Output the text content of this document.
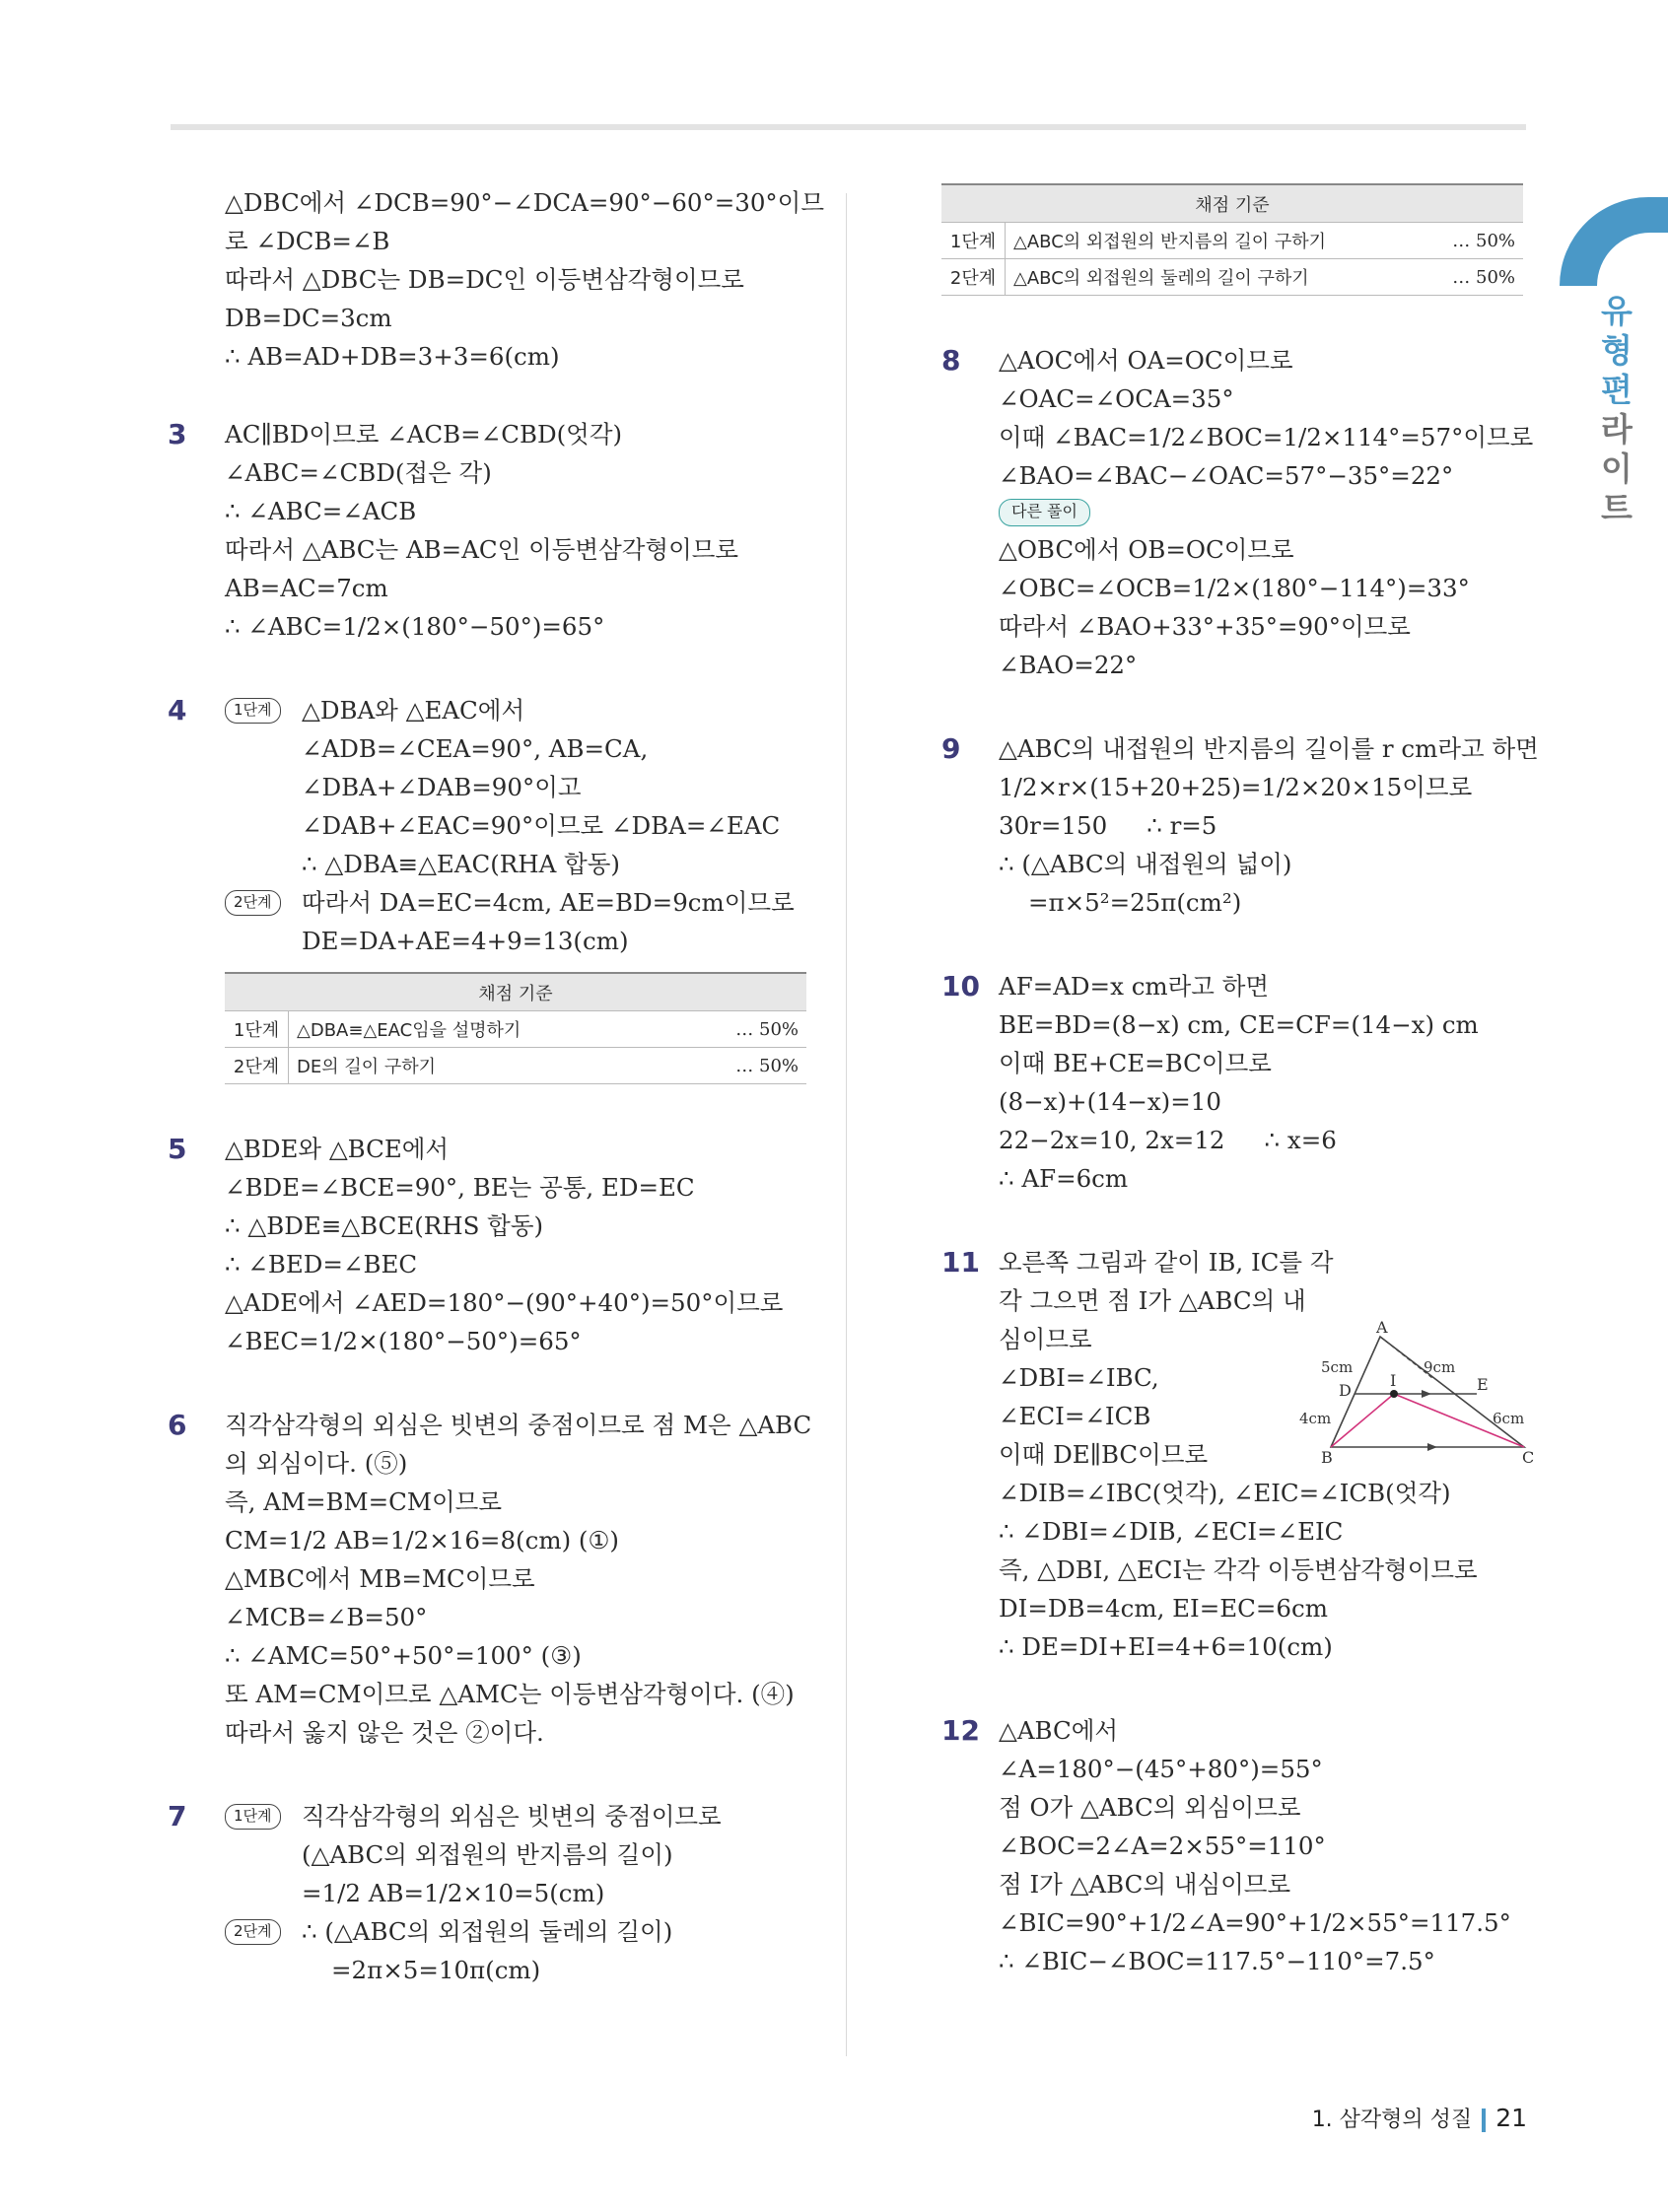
유
형
편
라
이
트
△DBC에서 ∠DCB=90°−∠DCA=90°−60°=30°이므
로 ∠DCB=∠B
따라서 △DBC는 DB=DC인 이등변삼각형이므로
DB=DC=3cm
∴ AB=AD+DB=3+3=6(cm)
3	AC∥BD이므로 ∠ACB=∠CBD(엇각)
∠ABC=∠CBD(접은 각)
∴ ∠ABC=∠ACB
따라서 △ABC는 AB=AC인 이등변삼각형이므로
AB=AC=7cm
∴ ∠ABC=1/2×(180°−50°)=65°
4	1단계	△DBA와 △EAC에서
∠ADB=∠CEA=90°, AB=CA,
∠DBA+∠DAB=90°이고
∠DAB+∠EAC=90°이므로 ∠DBA=∠EAC
∴ △DBA≡△EAC(RHA 합동)
2단계	따라서 DA=EC=4cm, AE=BD=9cm이므로
DE=DA+AE=4+9=13(cm)
채점 기준		
1단계	△DBA≡△EAC임을 설명하기	… 50%
2단계	DE의 길이 구하기	… 50%
5	△BDE와 △BCE에서
∠BDE=∠BCE=90°, BE는 공통, ED=EC
∴ △BDE≡△BCE(RHS 합동)
∴ ∠BED=∠BEC
△ADE에서 ∠AED=180°−(90°+40°)=50°이므로
∠BEC=1/2×(180°−50°)=65°
6	직각삼각형의 외심은 빗변의 중점이므로 점 M은 △ABC
의 외심이다. (⑤)
즉, AM=BM=CM이므로
CM=1/2 AB=1/2×16=8(cm) (①)
△MBC에서 MB=MC이므로
∠MCB=∠B=50°
∴ ∠AMC=50°+50°=100° (③)
또 AM=CM이므로 △AMC는 이등변삼각형이다. (④)
따라서 옳지 않은 것은 ②이다.
7	1단계	직각삼각형의 외심은 빗변의 중점이므로
(△ABC의 외접원의 반지름의 길이)
=1/2 AB=1/2×10=5(cm)
2단계	∴ (△ABC의 외접원의 둘레의 길이)
=2π×5=10π(cm)
채점 기준		
1단계	△ABC의 외접원의 반지름의 길이 구하기	… 50%
2단계	△ABC의 외접원의 둘레의 길이 구하기	… 50%
8	△AOC에서 OA=OC이므로
∠OAC=∠OCA=35°
이때 ∠BAC=1/2∠BOC=1/2×114°=57°이므로
∠BAO=∠BAC−∠OAC=57°−35°=22°
다른 풀이
△OBC에서 OB=OC이므로
∠OBC=∠OCB=1/2×(180°−114°)=33°
따라서 ∠BAO+33°+35°=90°이므로
∠BAO=22°
9	△ABC의 내접원의 반지름의 길이를 r cm라고 하면
1/2×r×(15+20+25)=1/2×20×15이므로
30r=150 ∴ r=5
∴ (△ABC의 내접원의 넓이)
=π×5²=25π(cm²)
10 AF=AD=x cm라고 하면
BE=BD=(8−x) cm, CE=CF=(14−x) cm
이때 BE+CE=BC이므로
(8−x)+(14−x)=10
22−2x=10, 2x=12 ∴ x=6
∴ AF=6cm
11 오른쪽 그림과 같이 IB, IC를 각
각 그으면 점 I가 △ABC의 내
심이므로
∠DBI=∠IBC,
∠ECI=∠ICB
이때 DE∥BC이므로
∠DIB=∠IBC(엇각), ∠EIC=∠ICB(엇각)
∴ ∠DBI=∠DIB, ∠ECI=∠EIC
즉, △DBI, △ECI는 각각 이등변삼각형이므로
DI=DB=4cm, EI=EC=6cm
∴ DE=DI+EI=4+6=10(cm)
12 △ABC에서
∠A=180°−(45°+80°)=55°
점 O가 △ABC의 외심이므로
∠BOC=2∠A=2×55°=110°
점 I가 △ABC의 내심이므로
∠BIC=90°+1/2∠A=90°+1/2×55°=117.5°
∴ ∠BIC−∠BOC=117.5°−110°=7.5°
A
B	C
D	E
I
5cm	9cm
4cm	6cm
1. 삼각형의 성질 21
